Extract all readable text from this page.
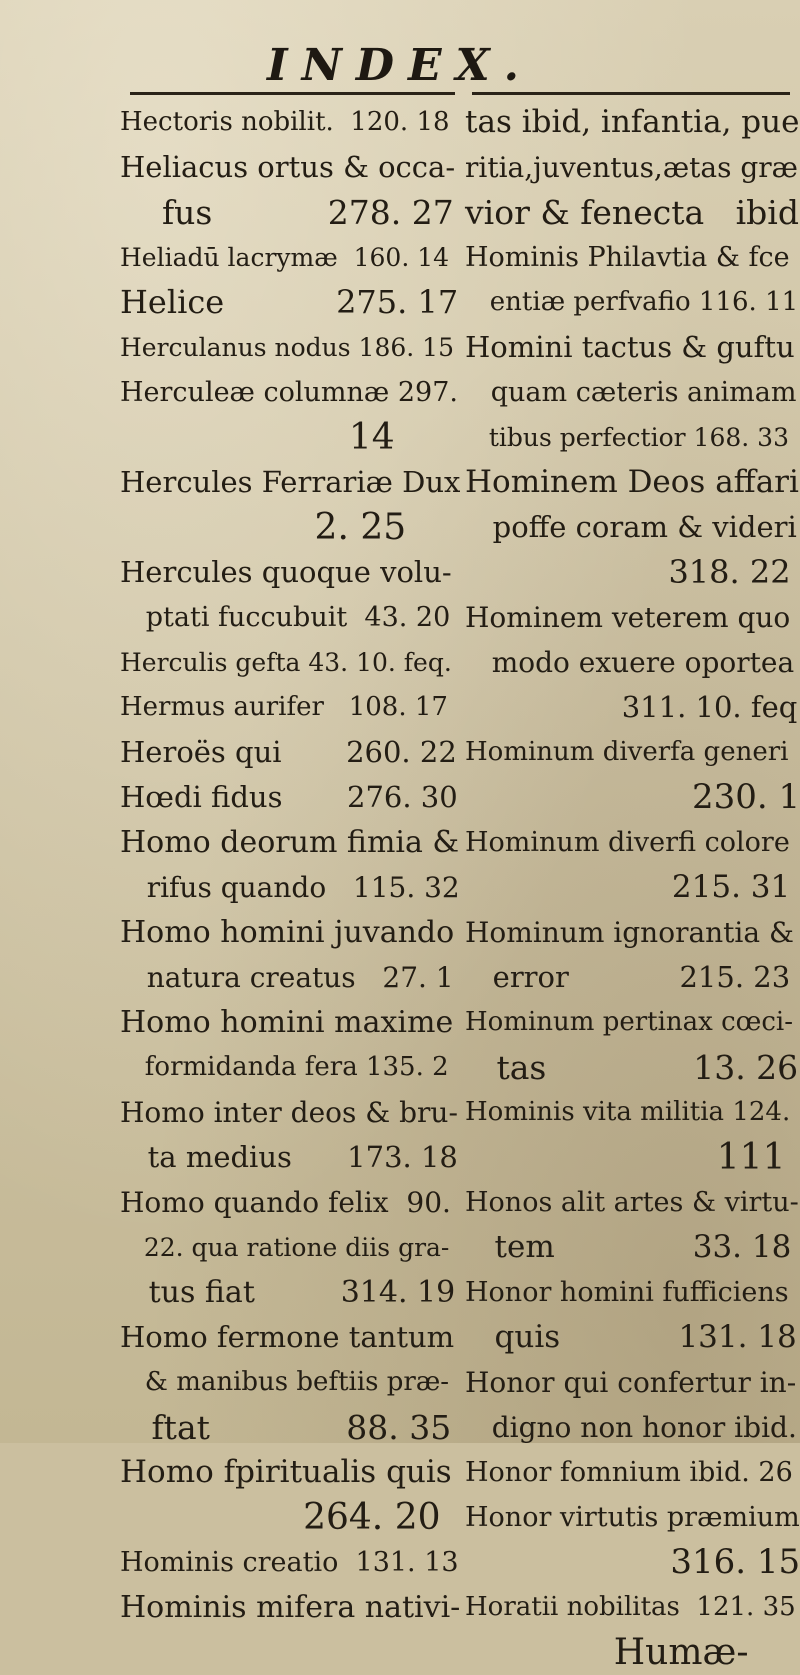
INDEX.
Hectoris nobilit.  120. 18
Heliacus ortus & occa-
fus           278. 27
Heliadū lacrymæ  160. 14
Helice           275. 17
Herculanus nodus 186. 15
Herculeæ columnæ 297.
14
Hercules Ferrariæ Dux
2. 25
Hercules quoque volu-
ptati fuccubuit  43. 20
Herculis gefta 43. 10. feq.
Hermus aurifer   108. 17
Heroës qui       260. 22
Hœdi fidus       276. 30
Homo deorum fimia &
rifus quando   115. 32
Homo homini juvando
natura creatus   27. 1
Homo homini maxime
formidanda fera 135. 2
Homo inter deos & bru-
ta medius      173. 18
Homo quando felix  90.
22. qua ratione diis gra-
tus fiat         314. 19
Homo fermone tantum
& manibus beftiis præ-
ftat             88. 35
Homo fpiritualis quis
264. 20
Hominis creatio  131. 13
Hominis mifera nativi-
tas ibid, infantia, pue
ritia,juventus,ætas græ
vior & fenecta   ibid
Hominis Philavtia & fce
entiæ perfvafio 116. 11
Homini tactus & guftu
quam cæteris animam
tibus perfectior 168. 33
Hominem Deos affari
poffe coram & videri
318. 22
Hominem veterem quo
modo exuere oportea
311. 10. feq
Hominum diverfa generi
230. 1
Hominum diverfi colore
215. 31
Hominum ignorantia &
error            215. 23
Hominum pertinax cœci-
tas              13. 26
Hominis vita militia 124.
111
Honos alit artes & virtu-
tem              33. 18
Honor homini fufficiens
quis            131. 18
Honor qui confertur in-
digno non honor ibid.
Honor fomnium ibid. 26
Honor virtutis præmium
316. 15
Horatii nobilitas  121. 35
Humæ-
